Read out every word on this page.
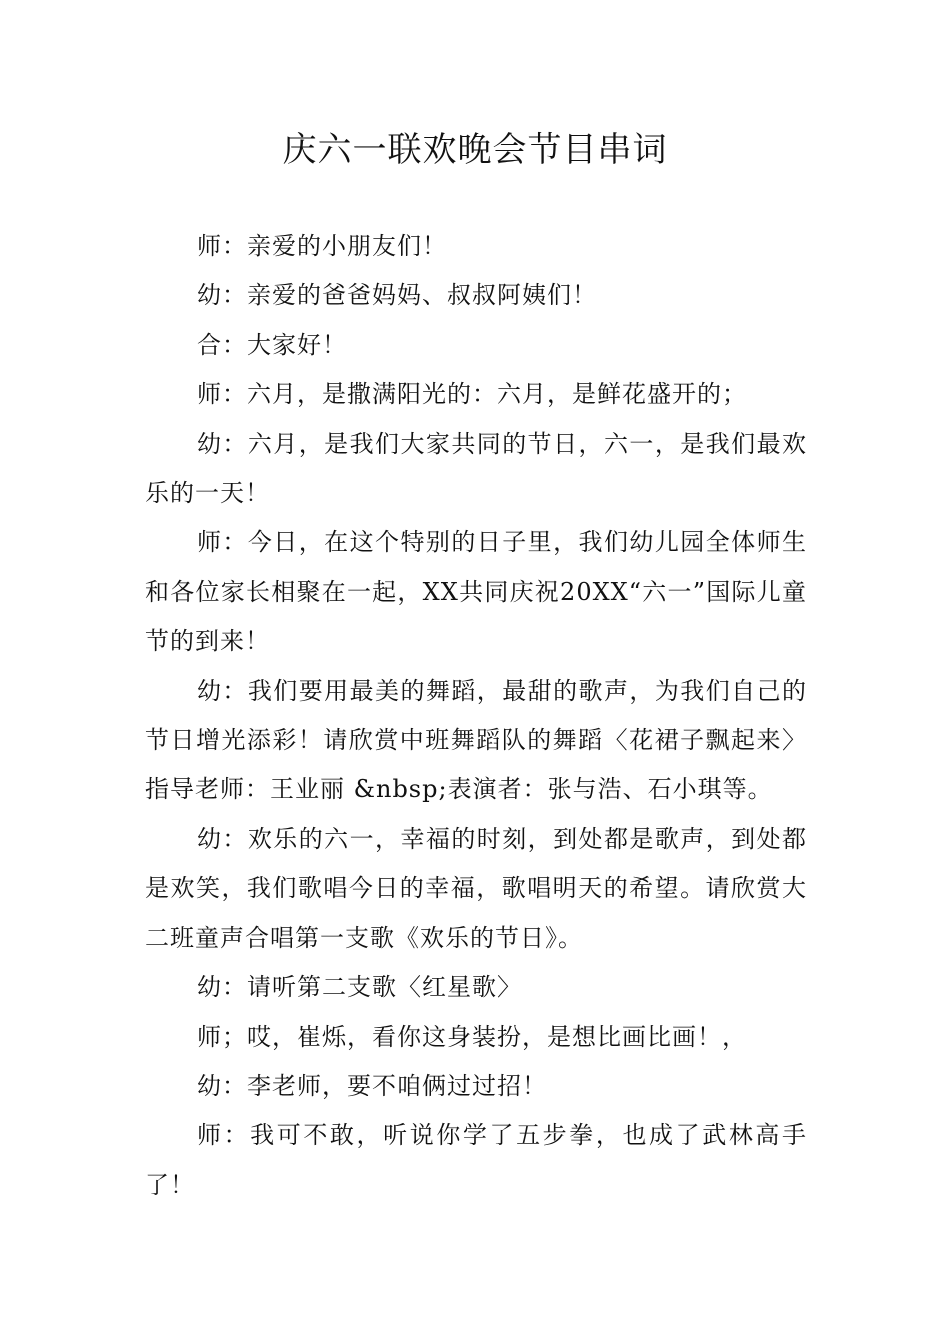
庆六一联欢晚会节目串词

师：亲爱的小朋友们！

幼：亲爱的爸爸妈妈、叔叔阿姨们！

合：大家好！

师：六月，是撒满阳光的：六月，是鲜花盛开的；

幼：六月，是我们大家共同的节日，六一，是我们最欢乐的一天！

师：今日，在这个特别的日子里，我们幼儿园全体师生和各位家长相聚在一起，XX共同庆祝20XX“六一”国际儿童节的到来！

幼：我们要用最美的舞蹈，最甜的歌声，为我们自己的节日增光添彩！请欣赏中班舞蹈队的舞蹈〈花裙子飘起来〉指导老师：王业丽 &nbsp;表演者：张与浩、石小琪等。

幼：欢乐的六一，幸福的时刻，到处都是歌声，到处都是欢笑，我们歌唱今日的幸福，歌唱明天的希望。请欣赏大二班童声合唱第一支歌《欢乐的节日》。

幼：请听第二支歌〈红星歌〉

师；哎，崔烁，看你这身装扮，是想比画比画！，

幼：李老师，要不咱俩过过招！

师：我可不敢，听说你学了五步拳，也成了武林高手了！
